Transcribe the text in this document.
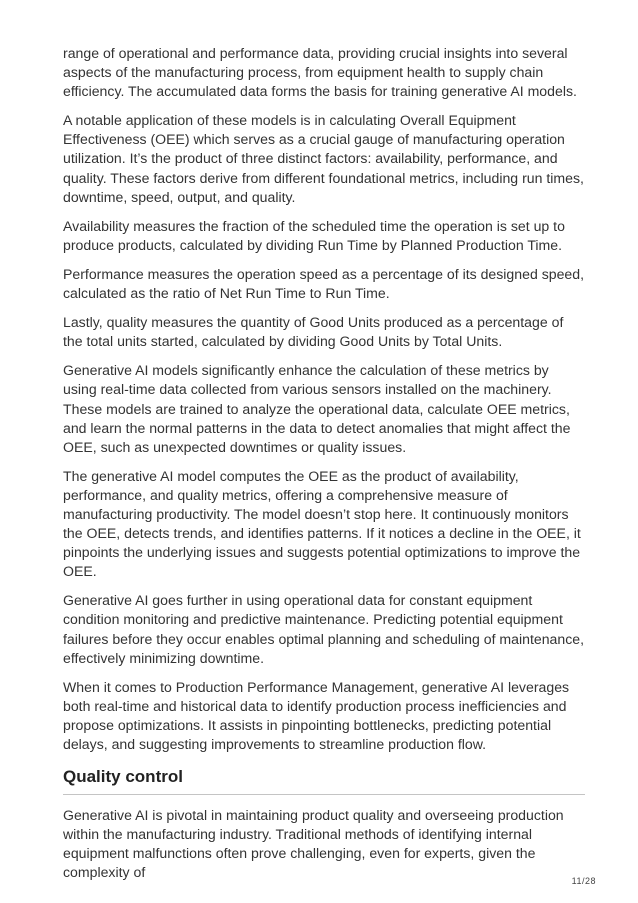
range of operational and performance data, providing crucial insights into several aspects of the manufacturing process, from equipment health to supply chain efficiency. The accumulated data forms the basis for training generative AI models.

A notable application of these models is in calculating Overall Equipment Effectiveness (OEE) which serves as a crucial gauge of manufacturing operation utilization. It’s the product of three distinct factors: availability, performance, and quality. These factors derive from different foundational metrics, including run times, downtime, speed, output, and quality.

Availability measures the fraction of the scheduled time the operation is set up to produce products, calculated by dividing Run Time by Planned Production Time.

Performance measures the operation speed as a percentage of its designed speed, calculated as the ratio of Net Run Time to Run Time.

Lastly, quality measures the quantity of Good Units produced as a percentage of the total units started, calculated by dividing Good Units by Total Units.

Generative AI models significantly enhance the calculation of these metrics by using real-time data collected from various sensors installed on the machinery. These models are trained to analyze the operational data, calculate OEE metrics, and learn the normal patterns in the data to detect anomalies that might affect the OEE, such as unexpected downtimes or quality issues.

The generative AI model computes the OEE as the product of availability, performance, and quality metrics, offering a comprehensive measure of manufacturing productivity. The model doesn’t stop here. It continuously monitors the OEE, detects trends, and identifies patterns. If it notices a decline in the OEE, it pinpoints the underlying issues and suggests potential optimizations to improve the OEE.

Generative AI goes further in using operational data for constant equipment condition monitoring and predictive maintenance. Predicting potential equipment failures before they occur enables optimal planning and scheduling of maintenance, effectively minimizing downtime.

When it comes to Production Performance Management, generative AI leverages both real-time and historical data to identify production process inefficiencies and propose optimizations. It assists in pinpointing bottlenecks, predicting potential delays, and suggesting improvements to streamline production flow.

Quality control

Generative AI is pivotal in maintaining product quality and overseeing production within the manufacturing industry. Traditional methods of identifying internal equipment malfunctions often prove challenging, even for experts, given the complexity of

11/28
